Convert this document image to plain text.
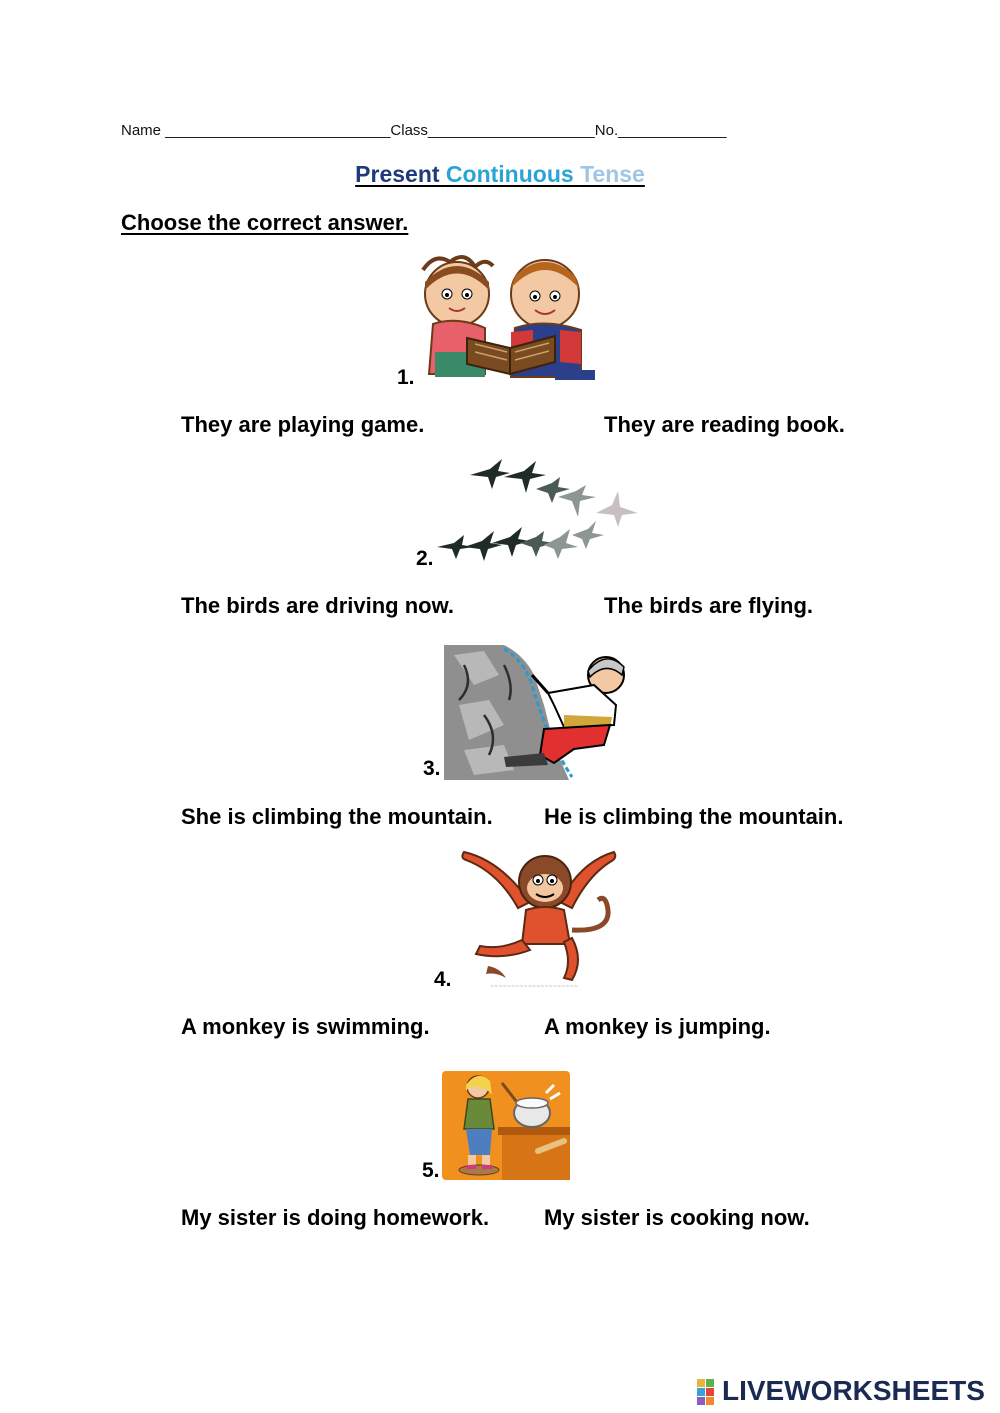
Name ___________________________Class____________________No._____________
Present Continuous Tense
Choose the correct answer.
1.
They are playing game.	They are reading book.
2.
The birds are driving now.	The birds are flying.
3.
She is climbing the mountain. He is climbing the mountain.
4.	~~~~~~~~~~~~~~~~~~~~~
A monkey is swimming.	A monkey is jumping.
5.
My sister is doing homework. My sister is cooking now.
LIVEWORKSHEETS
